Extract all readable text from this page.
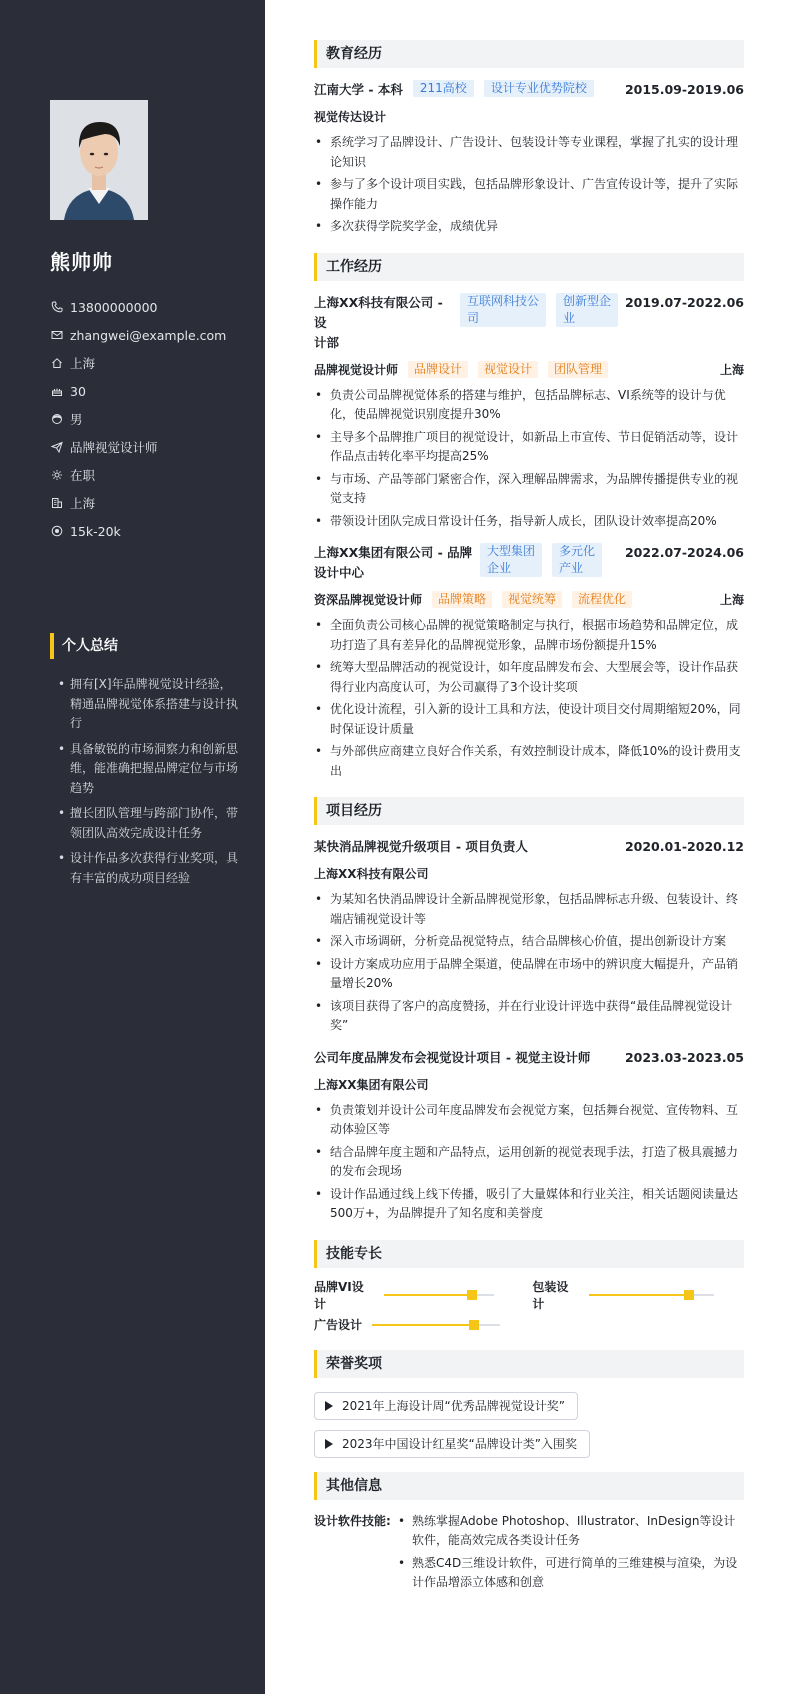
熊帅帅
13800000000
zhangwei@example.com
上海
30
男
品牌视觉设计师
在职
上海
15k-20k
个人总结
• 拥有[X]年品牌视觉设计经验，精通品牌视觉体系搭建与设计执行
• 具备敏锐的市场洞察力和创新思维，能准确把握品牌定位与市场趋势
• 擅长团队管理与跨部门协作，带领团队高效完成设计任务
• 设计作品多次获得行业奖项，具有丰富的成功项目经验
教育经历
江南大学 - 本科	211高校	设计专业优势院校	2015.09-2019.06
视觉传达设计
• 系统学习了品牌设计、广告设计、包装设计等专业课程，掌握了扎实的设计理论知识
• 参与了多个设计项目实践，包括品牌形象设计、广告宣传设计等，提升了实际操作能力
• 多次获得学院奖学金，成绩优异
工作经历
上海XX科技有限公司 - 设
计部
互联网科技公
司
创新型企
业
2019.07-2022.06
品牌视觉设计师	品牌设计	视觉设计	团队管理	上海
• 负责公司品牌视觉体系的搭建与维护，包括品牌标志、VI系统等的设计与优化，使品牌视觉识别度提升30%
• 主导多个品牌推广项目的视觉设计，如新品上市宣传、节日促销活动等，设计作品点击转化率平均提高25%
• 与市场、产品等部门紧密合作，深入理解品牌需求，为品牌传播提供专业的视觉支持
• 带领设计团队完成日常设计任务，指导新人成长，团队设计效率提高20%
上海XX集团有限公司 - 品牌
设计中心
大型集团
企业
多元化
产业
2022.07-2024.06
资深品牌视觉设计师	品牌策略	视觉统筹	流程优化	上海
• 全面负责公司核心品牌的视觉策略制定与执行，根据市场趋势和品牌定位，成功打造了具有差异化的品牌视觉形象，品牌市场份额提升15%
• 统筹大型品牌活动的视觉设计，如年度品牌发布会、大型展会等，设计作品获得行业内高度认可，为公司赢得了3个设计奖项
• 优化设计流程，引入新的设计工具和方法，使设计项目交付周期缩短20%，同时保证设计质量
• 与外部供应商建立良好合作关系，有效控制设计成本，降低10%的设计费用支出
项目经历
某快消品牌视觉升级项目 - 项目负责人	2020.01-2020.12
上海XX科技有限公司
• 为某知名快消品牌设计全新品牌视觉形象，包括品牌标志升级、包装设计、终端店铺视觉设计等
• 深入市场调研，分析竞品视觉特点，结合品牌核心价值，提出创新设计方案
• 设计方案成功应用于品牌全渠道，使品牌在市场中的辨识度大幅提升，产品销量增长20%
• 该项目获得了客户的高度赞扬，并在行业设计评选中获得“最佳品牌视觉设计奖”
公司年度品牌发布会视觉设计项目 - 视觉主设计师	2023.03-2023.05
上海XX集团有限公司
• 负责策划并设计公司年度品牌发布会视觉方案，包括舞台视觉、宣传物料、互动体验区等
• 结合品牌年度主题和产品特点，运用创新的视觉表现手法，打造了极具震撼力的发布会现场
• 设计作品通过线上线下传播，吸引了大量媒体和行业关注，相关话题阅读量达500万+，为品牌提升了知名度和美誉度
技能专长
品牌VI设计
包装设计
广告设计
荣誉奖项
2021年上海设计周“优秀品牌视觉设计奖”
2023年中国设计红星奖“品牌设计类”入围奖
其他信息
设计软件技能:
•	熟练掌握Adobe Photoshop、Illustrator、InDesign等设计软件，能高效完成各类设计任务
• 熟悉C4D三维设计软件，可进行简单的三维建模与渲染，为设计作品增添立体感和创意
